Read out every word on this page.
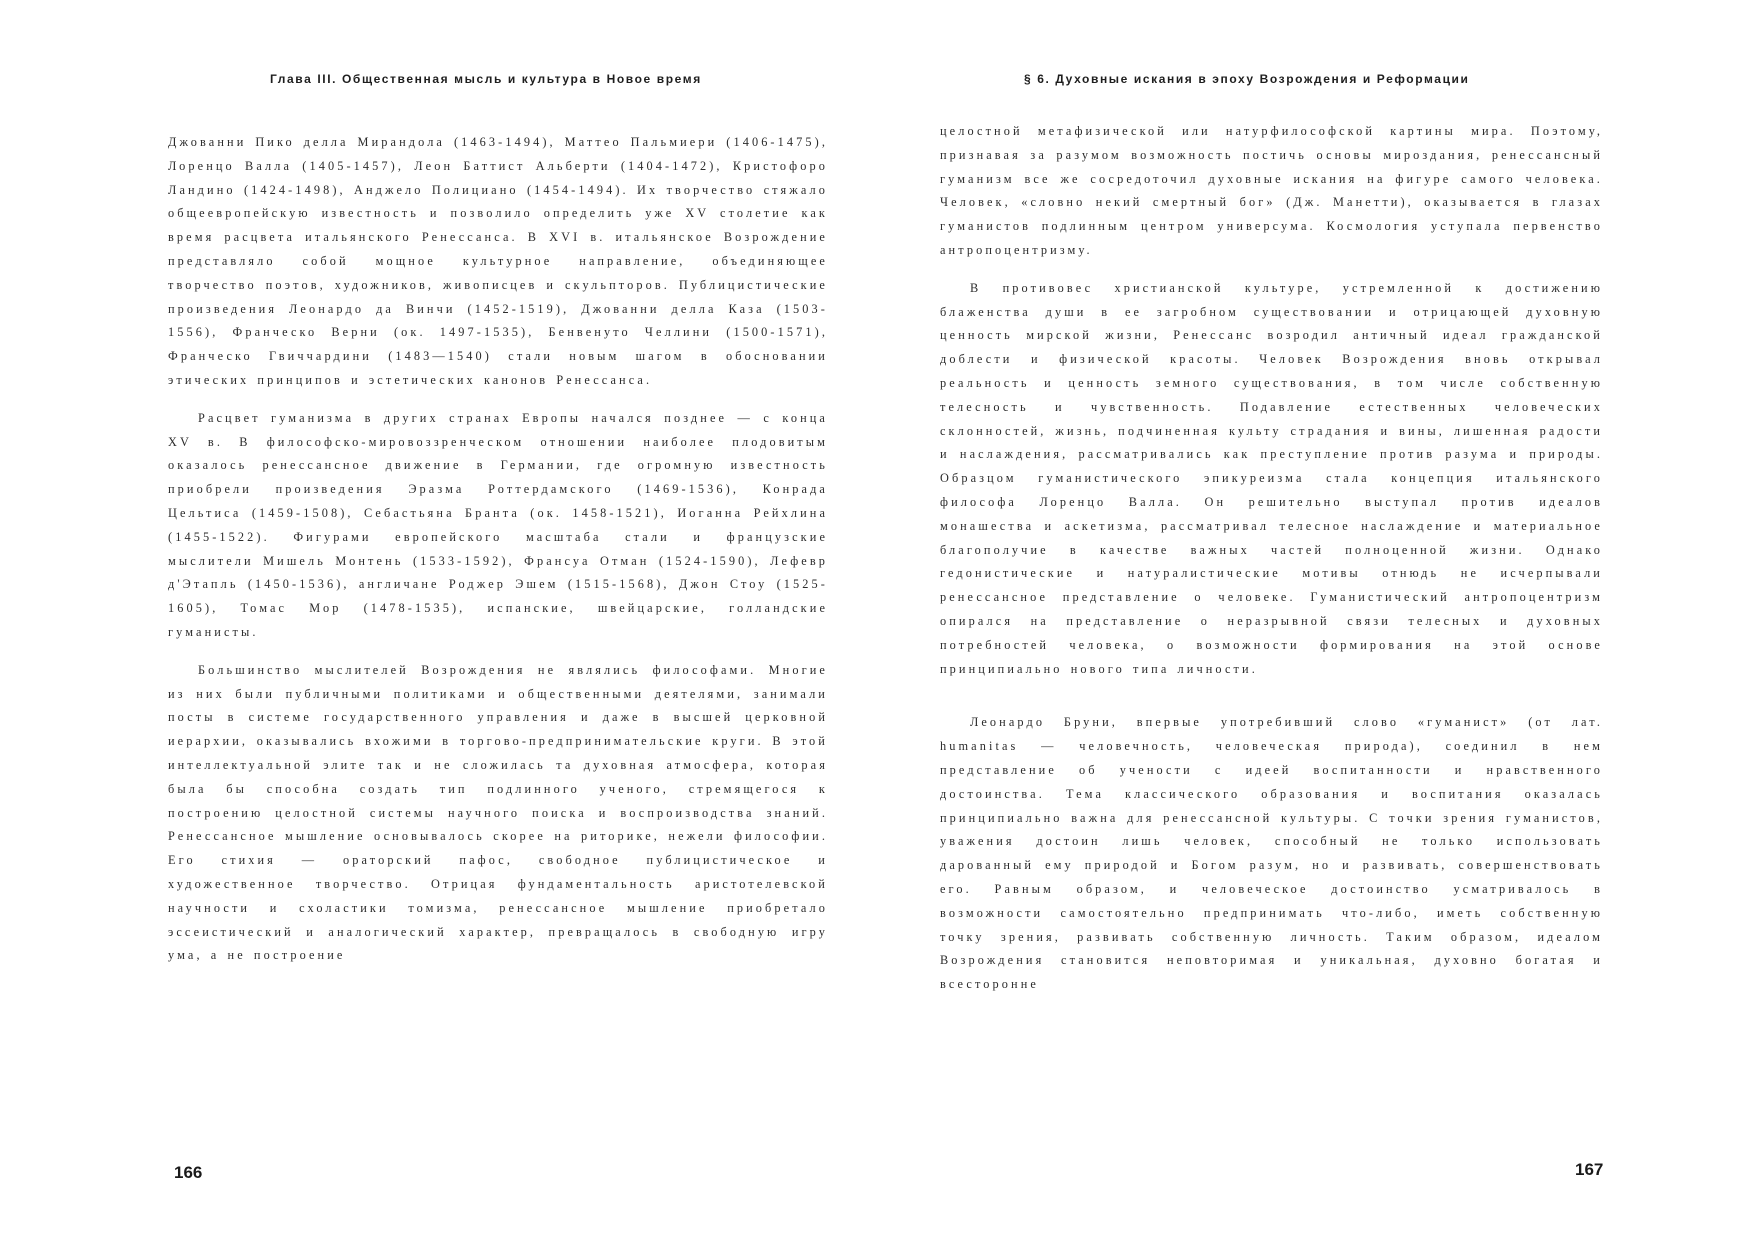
Глава III. Общественная мысль и культура в Новое время

Джованни Пико делла Мирандола (1463-1494), Маттео Пальмиери (1406-1475), Лоренцо Валла (1405-1457), Леон Баттист Альберти (1404-1472), Кристофоро Ландино (1424-1498), Анджело Полициано (1454-1494). Их творчество стяжало общеевропейскую известность и позволило определить уже XV столетие как время расцвета итальянского Ренессанса. В XVI в. итальянское Возрождение представляло собой мощное культурное направление, объединяющее творчество поэтов, художников, живописцев и скульпторов. Публицистические произведения Леонардо да Винчи (1452-1519), Джованни делла Каза (1503-1556), Франческо Верни (ок. 1497-1535), Бенвенуто Челлини (1500-1571), Франческо Гвиччардини (1483—1540) стали новым шагом в обосновании этических принципов и эстетических канонов Ренессанса.

Расцвет гуманизма в других странах Европы начался позднее — с конца XV в. В философско-мировоззренческом отношении наиболее плодовитым оказалось ренессансное движение в Германии, где огромную известность приобрели произведения Эразма Роттердамского (1469-1536), Конрада Цельтиса (1459-1508), Себастьяна Бранта (ок. 1458-1521), Иоганна Рейхлина (1455-1522). Фигурами европейского масштаба стали и французские мыслители Мишель Монтень (1533-1592), Франсуа Отман (1524-1590), Лефевр д'Этапль (1450-1536), англичане Роджер Эшем (1515-1568), Джон Стоу (1525-1605), Томас Мор (1478-1535), испанские, швейцарские, голландские гуманисты.

Большинство мыслителей Возрождения не являлись философами. Многие из них были публичными политиками и общественными деятелями, занимали посты в системе государственного управления и даже в высшей церковной иерархии, оказывались вхожими в торгово-предпринимательские круги. В этой интеллектуальной элите так и не сложилась та духовная атмосфера, которая была бы способна создать тип подлинного ученого, стремящегося к построению целостной системы научного поиска и воспроизводства знаний. Ренессансное мышление основывалось скорее на риторике, нежели философии. Его стихия — ораторский пафос, свободное публицистическое и художественное творчество. Отрицая фундаментальность аристотелевской научности и схоластики томизма, ренессансное мышление приобретало эссеистический и аналогический характер, превращалось в свободную игру ума, а не построение

166
§ 6. Духовные искания в эпоху Возрождения и Реформации

целостной метафизической или натурфилософской картины мира. Поэтому, признавая за разумом возможность постичь основы мироздания, ренессансный гуманизм все же сосредоточил духовные искания на фигуре самого человека. Человек, «словно некий смертный бог» (Дж. Манетти), оказывается в глазах гуманистов подлинным центром универсума. Космология уступала первенство антропоцентризму.

В противовес христианской культуре, устремленной к достижению блаженства души в ее загробном существовании и отрицающей духовную ценность мирской жизни, Ренессанс возродил античный идеал гражданской доблести и физической красоты. Человек Возрождения вновь открывал реальность и ценность земного существования, в том числе собственную телесность и чувственность. Подавление естественных человеческих склонностей, жизнь, подчиненная культу страдания и вины, лишенная радости и наслаждения, рассматривались как преступление против разума и природы. Образцом гуманистического эпикуреизма стала концепция итальянского философа Лоренцо Валла. Он решительно выступал против идеалов монашества и аскетизма, рассматривал телесное наслаждение и материальное благополучие в качестве важных частей полноценной жизни. Однако гедонистические и натуралистические мотивы отнюдь не исчерпывали ренессансное представление о человеке. Гуманистический антропоцентризм опирался на представление о неразрывной связи телесных и духовных потребностей человека, о возможности формирования на этой основе принципиально нового типа личности.

Леонардо Бруни, впервые употребивший слово «гуманист» (от лат. humanitas — человечность, человеческая природа), соединил в нем представление об учености с идеей воспитанности и нравственного достоинства. Тема классического образования и воспитания оказалась принципиально важна для ренессансной культуры. С точки зрения гуманистов, уважения достоин лишь человек, способный не только использовать дарованный ему природой и Богом разум, но и развивать, совершенствовать его. Равным образом, и человеческое достоинство усматривалось в возможности самостоятельно предпринимать что-либо, иметь собственную точку зрения, развивать собственную личность. Таким образом, идеалом Возрождения становится неповторимая и уникальная, духовно богатая и всесторонне

167
